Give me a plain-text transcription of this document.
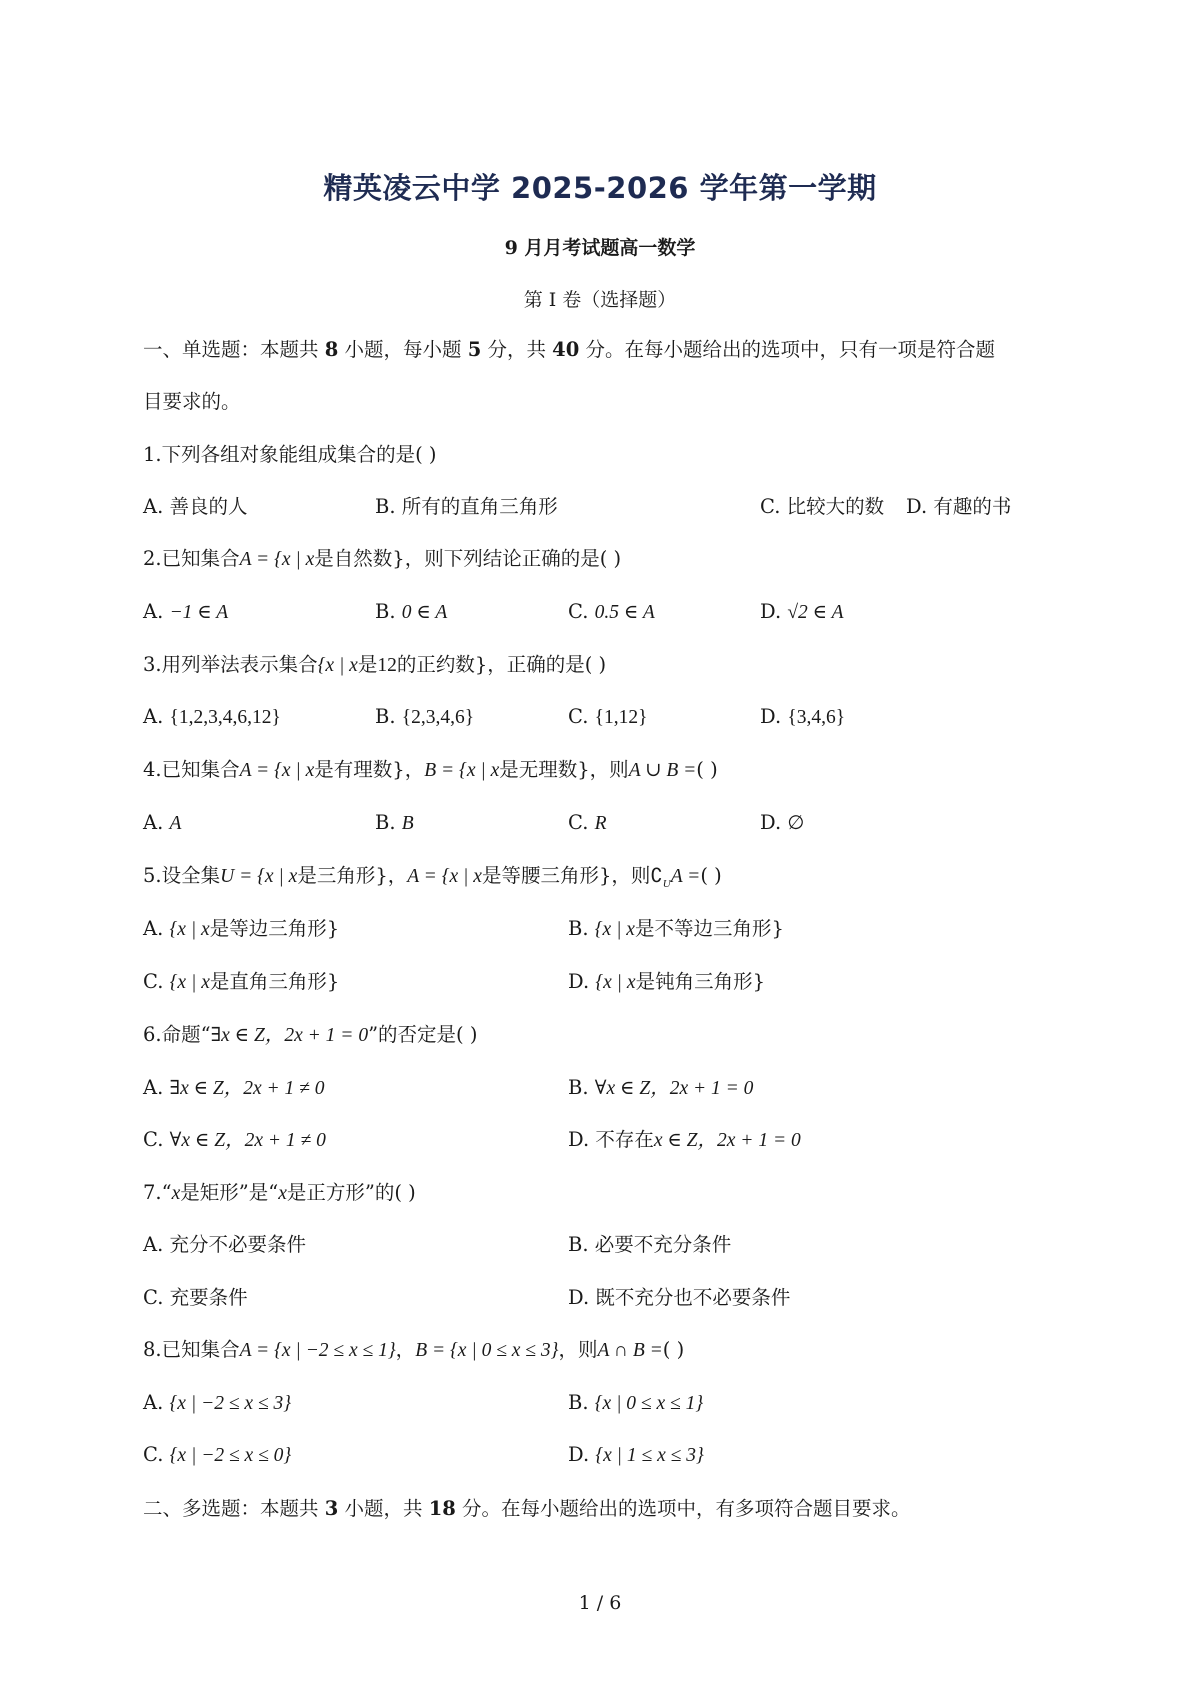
精英凌云中学 2025-2026 学年第一学期
9 月月考试题高一数学
第 I 卷（选择题）
一、单选题：本题共 8 小题，每小题 5 分，共 40 分。在每小题给出的选项中，只有一项是符合题
目要求的。
1.下列各组对象能组成集合的是( )
A. 善良的人	B. 所有的直角三角形	C. 比较大的数 D. 有趣的书
2.已知集合A = {x | x是自然数}，则下列结论正确的是( )
A. −1 ∈ A	B. 0 ∈ A	C. 0.5 ∈ A	D. √2 ∈ A
3.用列举法表示集合{x | x是12的正约数}，正确的是( )
A. {1,2,3,4,6,12}	B. {2,3,4,6}	C. {1,12}	D. {3,4,6}
4.已知集合A = {x | x是有理数}，B = {x | x是无理数}，则A ∪ B =( )
A. A	B. B	C. R	D. ∅
5.设全集U = {x | x是三角形}，A = {x | x是等腰三角形}，则$∁_UA$ =( )
A. {x | x是等边三角形}	B. {x | x是不等边三角形}
C. {x | x是直角三角形}	D. {x | x是钝角三角形}
6.命题“∃x ∈ Z，2x + 1 = 0”的否定是( )
A. ∃x ∈ Z，2x + 1 ≠ 0	B. ∀x ∈ Z，2x + 1 = 0
C. ∀x ∈ Z，2x + 1 ≠ 0	D. 不存在x ∈ Z，2x + 1 = 0
7.“x是矩形”是“x是正方形”的( )
A. 充分不必要条件	B. 必要不充分条件
C. 充要条件	D. 既不充分也不必要条件
8.已知集合A = {x | −2 ≤ x ≤ 1}，B = {x | 0 ≤ x ≤ 3}，则A ∩ B =( )
A. {x | −2 ≤ x ≤ 3}	B. {x | 0 ≤ x ≤ 1}
C. {x | −2 ≤ x ≤ 0}	D. {x | 1 ≤ x ≤ 3}
二、多选题：本题共 3 小题，共 18 分。在每小题给出的选项中，有多项符合题目要求。
1 / 6
